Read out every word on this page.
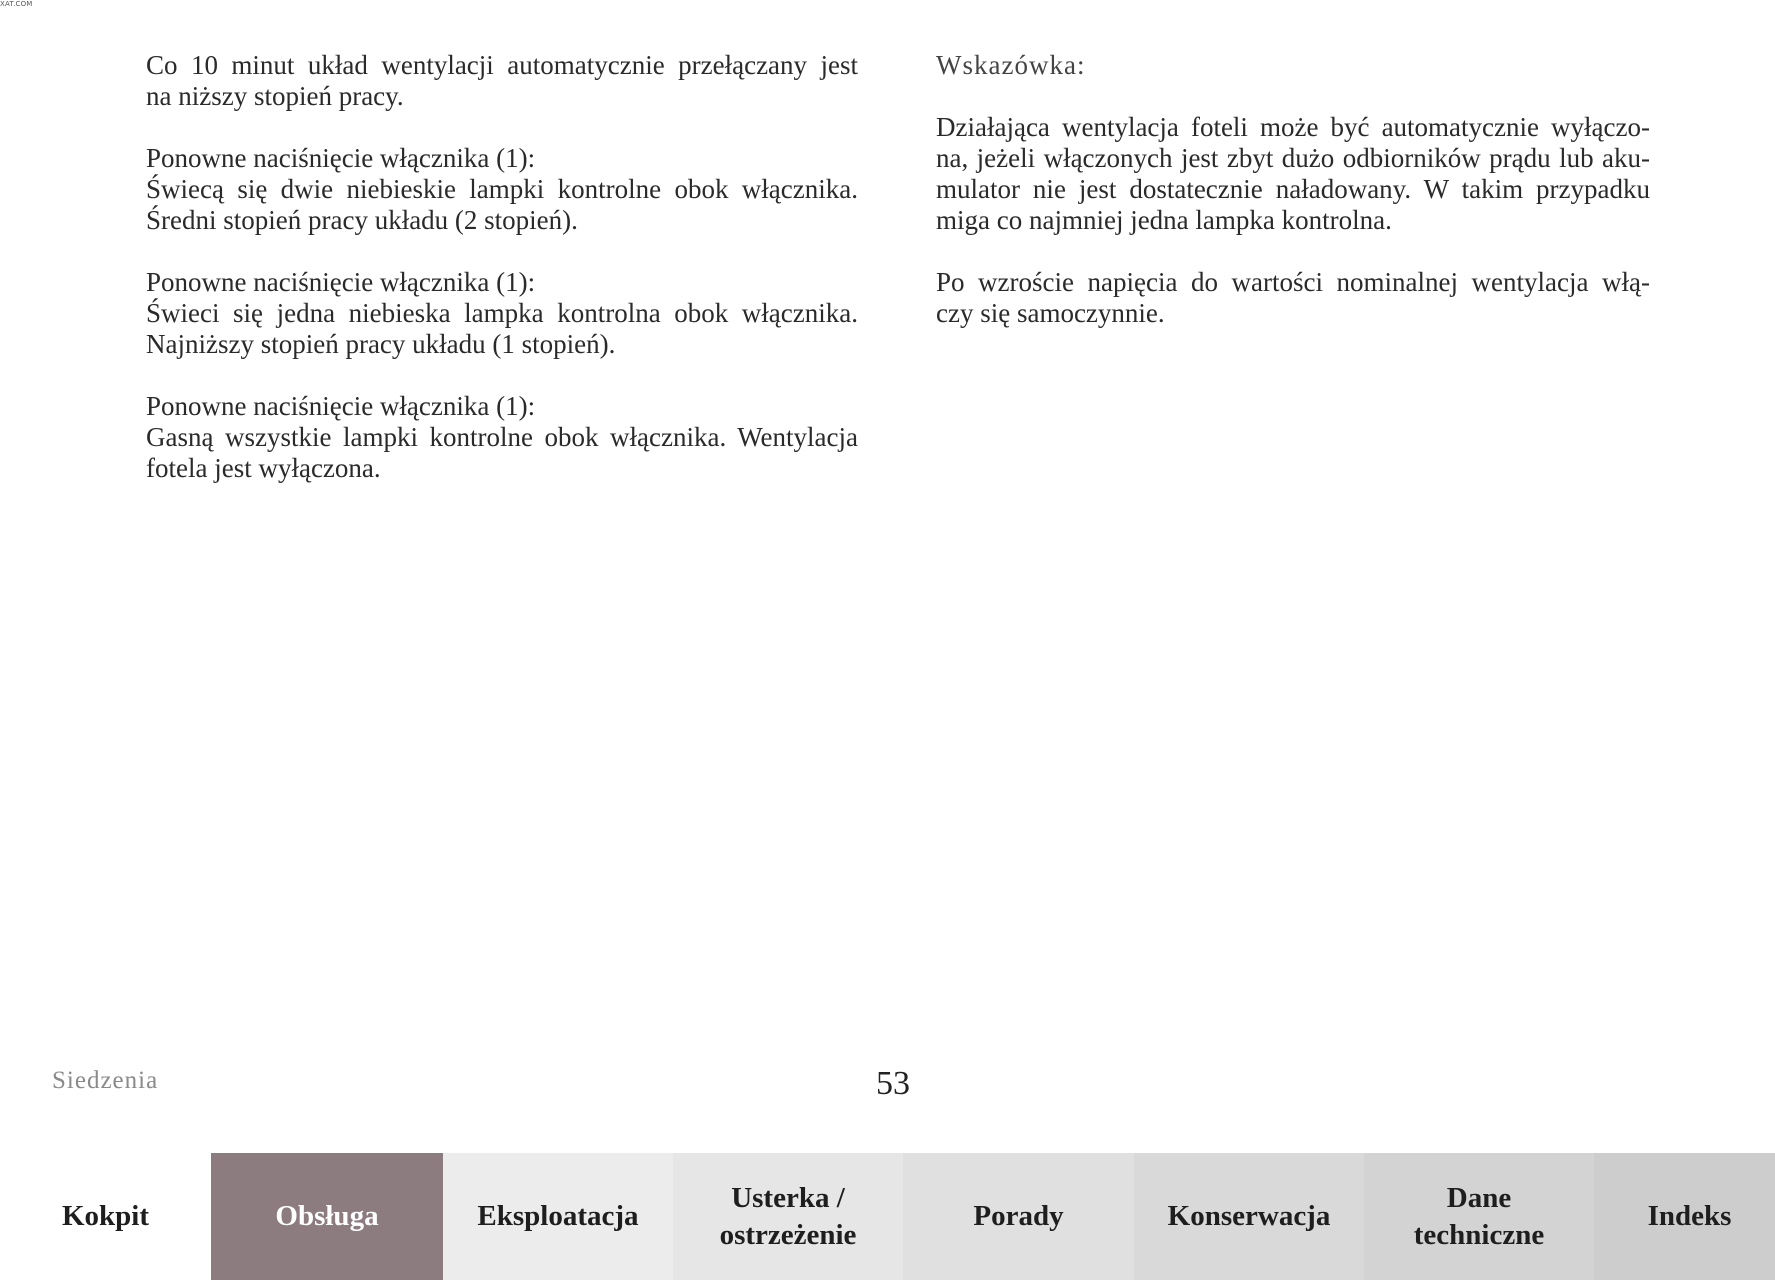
XAT.COM

Co 10 minut układ wentylacji automatycznie przełączany jest
na niższy stopień pracy.

Ponowne naciśnięcie włącznika (1):
Świecą się dwie niebieskie lampki kontrolne obok włącznika.
Średni stopień pracy układu (2 stopień).

Ponowne naciśnięcie włącznika (1):
Świeci się jedna niebieska lampka kontrolna obok włącznika.
Najniższy stopień pracy układu (1 stopień).

Ponowne naciśnięcie włącznika (1):
Gasną wszystkie lampki kontrolne obok włącznika. Wentylacja
fotela jest wyłączona.

Wskazówka:

Działająca wentylacja foteli może być automatycznie wyłączo-
na, jeżeli włączonych jest zbyt dużo odbiorników prądu lub aku-
mulator nie jest dostatecznie naładowany. W takim przypadku
miga co najmniej jedna lampka kontrolna.

Po wzroście napięcia do wartości nominalnej wentylacja włą-
czy się samoczynnie.

Siedzenia	53
Kokpit	Obsługa	Eksploatacja
Usterka /
ostrzeżenie
Porady	Konserwacja
Dane
techniczne
Indeks
